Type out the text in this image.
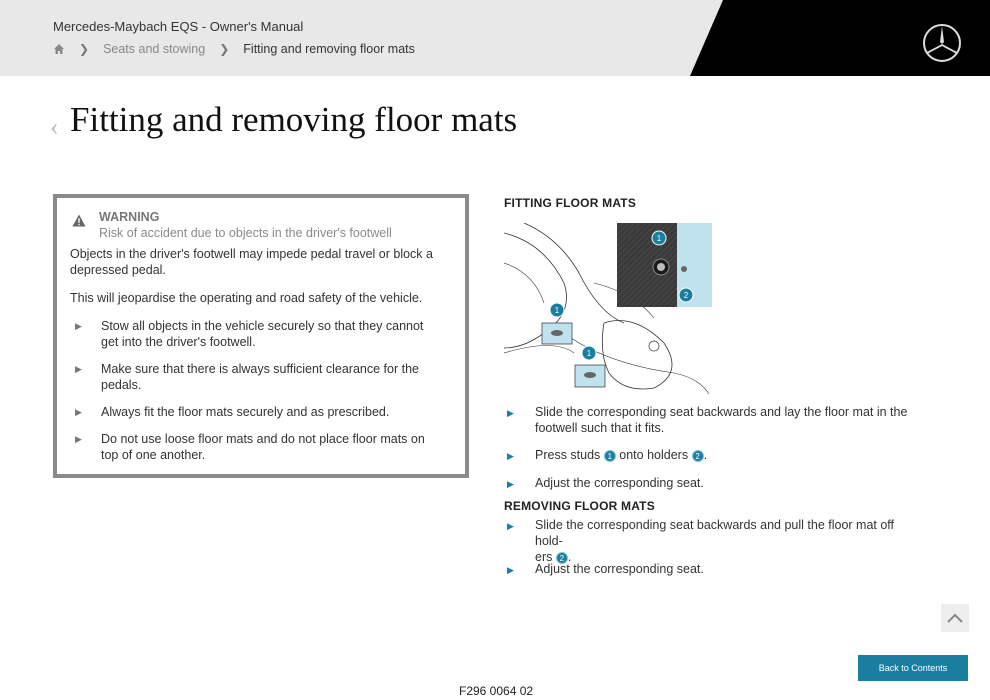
Mercedes-Maybach EQS - Owner's Manual
❯ Seats and stowing ❯ Fitting and removing floor mats
‹ Fitting and removing floor mats
WARNING
Risk of accident due to objects in the driver's footwell
Objects in the driver's footwell may impede pedal travel or block a depressed pedal.
This will jeopardise the operating and road safety of the vehicle.
▶ Stow all objects in the vehicle securely so that they cannot get into the driver's footwell.
▶ Make sure that there is always sufficient clearance for the pedals.
▶ Always fit the floor mats securely and as prescribed.
▶ Do not use loose floor mats and do not place floor mats on top of one another.
FITTING FLOOR MATS
1
2
1
1
▶ Slide the corresponding seat backwards and lay the floor mat in the footwell such that it fits.
▶ Press studs 1 onto holders 2 .
▶ Adjust the corresponding seat.
REMOVING FLOOR MATS
▶ Slide the corresponding seat backwards and pull the floor mat off hold-
ers 2 .
▶ Adjust the corresponding seat.
Back to Contents
F296 0064 02
